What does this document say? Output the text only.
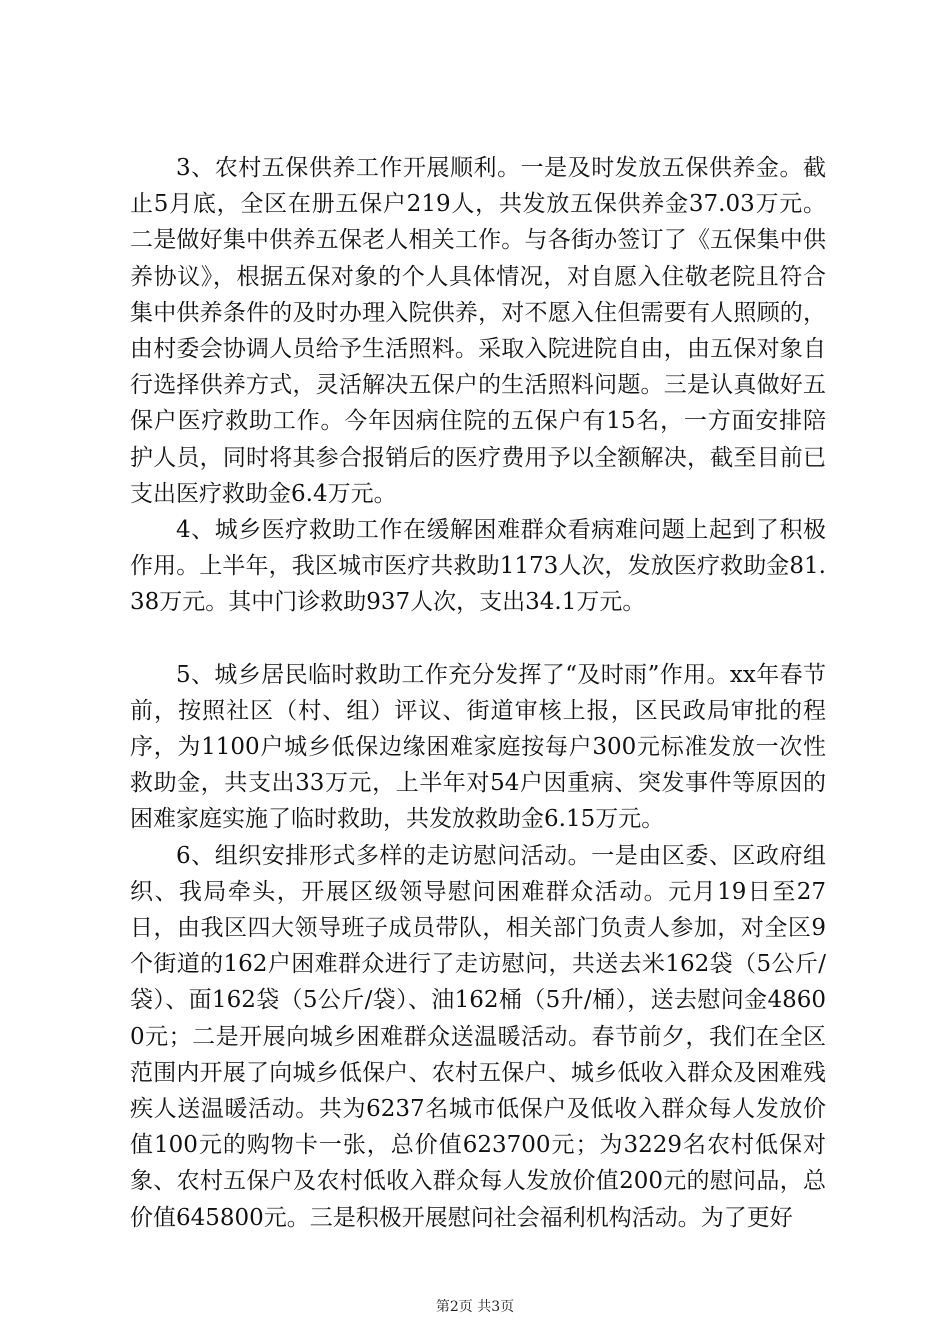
3、农村五保供养工作开展顺利。一是及时发放五保供养金。截止5月底，全区在册五保户219人，共发放五保供养金37.03万元。二是做好集中供养五保老人相关工作。与各街办签订了《五保集中供养协议》，根据五保对象的个人具体情况，对自愿入住敬老院且符合集中供养条件的及时办理入院供养，对不愿入住但需要有人照顾的，由村委会协调人员给予生活照料。采取入院进院自由，由五保对象自行选择供养方式，灵活解决五保户的生活照料问题。三是认真做好五保户医疗救助工作。今年因病住院的五保户有15名，一方面安排陪护人员，同时将其参合报销后的医疗费用予以全额解决，截至目前已支出医疗救助金6.4万元。

4、城乡医疗救助工作在缓解困难群众看病难问题上起到了积极作用。上半年，我区城市医疗共救助1173人次，发放医疗救助金81.38万元。其中门诊救助937人次，支出34.1万元。

5、城乡居民临时救助工作充分发挥了“及时雨”作用。xx年春节前，按照社区（村、组）评议、街道审核上报，区民政局审批的程序，为1100户城乡低保边缘困难家庭按每户300元标准发放一次性救助金，共支出33万元，上半年对54户因重病、突发事件等原因的困难家庭实施了临时救助，共发放救助金6.15万元。

6、组织安排形式多样的走访慰问活动。一是由区委、区政府组织、我局牵头，开展区级领导慰问困难群众活动。元月19日至27日，由我区四大领导班子成员带队，相关部门负责人参加，对全区9个街道的162户困难群众进行了走访慰问，共送去米162袋（5公斤/袋）、面162袋（5公斤/袋）、油162桶（5升/桶），送去慰问金48600元；二是开展向城乡困难群众送温暖活动。春节前夕，我们在全区范围内开展了向城乡低保户、农村五保户、城乡低收入群众及困难残疾人送温暖活动。共为6237名城市低保户及低收入群众每人发放价值100元的购物卡一张，总价值623700元；为3229名农村低保对象、农村五保户及农村低收入群众每人发放价值200元的慰问品，总价值645800元。三是积极开展慰问社会福利机构活动。为了更好

第2页 共3页
